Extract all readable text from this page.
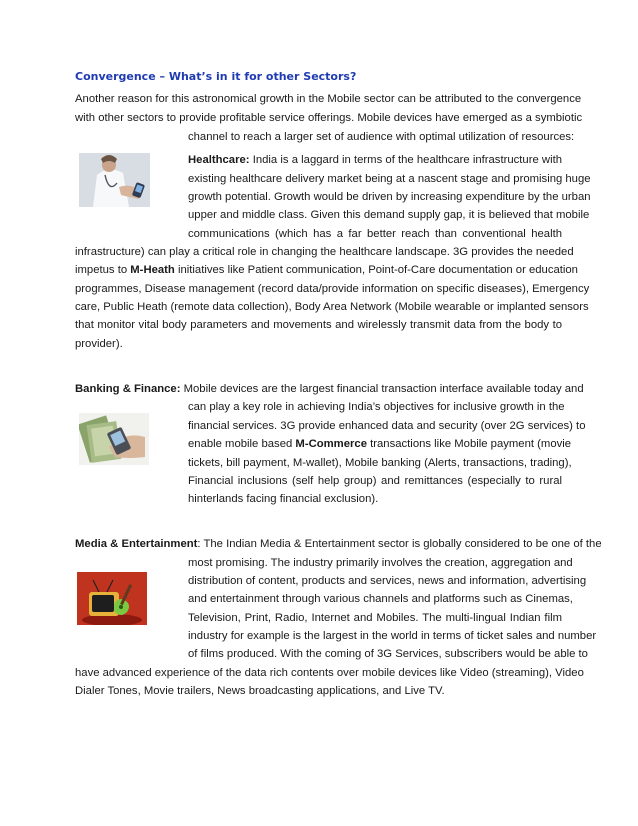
Convergence – What’s in it for other Sectors?
Another reason for this astronomical growth in the Mobile sector can be attributed to the convergence
with other sectors to provide profitable service offerings. Mobile devices have emerged as a symbiotic
channel to reach a larger set of audience with optimal utilization of resources:
Healthcare: India is a laggard in terms of the healthcare infrastructure with
existing healthcare delivery market being at a nascent stage and promising huge
growth potential. Growth would be driven by increasing expenditure by the urban
upper and middle class. Given this demand supply gap, it is believed that mobile
communications (which has a far better reach than conventional health
infrastructure) can play a critical role in changing the healthcare landscape. 3G provides the needed
impetus to M-Heath initiatives like Patient communication, Point-of-Care documentation or education
programmes, Disease management (record data/provide information on specific diseases), Emergency
care, Public Heath (remote data collection), Body Area Network (Mobile wearable or implanted sensors
that monitor vital body parameters and movements and wirelessly transmit data from the body to
provider).
Banking & Finance: Mobile devices are the largest financial transaction interface available today and
can play a key role in achieving India’s objectives for inclusive growth in the
financial services. 3G provide enhanced data and security (over 2G services) to
enable mobile based M-Commerce transactions like Mobile payment (movie
tickets, bill payment, M-wallet), Mobile banking (Alerts, transactions, trading),
Financial inclusions (self help group) and remittances (especially to rural
hinterlands facing financial exclusion).
Media & Entertainment: The Indian Media & Entertainment sector is globally considered to be one of the
most promising. The industry primarily involves the creation, aggregation and
distribution of content, products and services, news and information, advertising
and entertainment through various channels and platforms such as Cinemas,
Television, Print, Radio, Internet and Mobiles. The multi-lingual Indian film
industry for example is the largest in the world in terms of ticket sales and number
of films produced. With the coming of 3G Services, subscribers would be able to
have advanced experience of the data rich contents over mobile devices like Video (streaming), Video
Dialer Tones, Movie trailers, News broadcasting applications, and Live TV.
